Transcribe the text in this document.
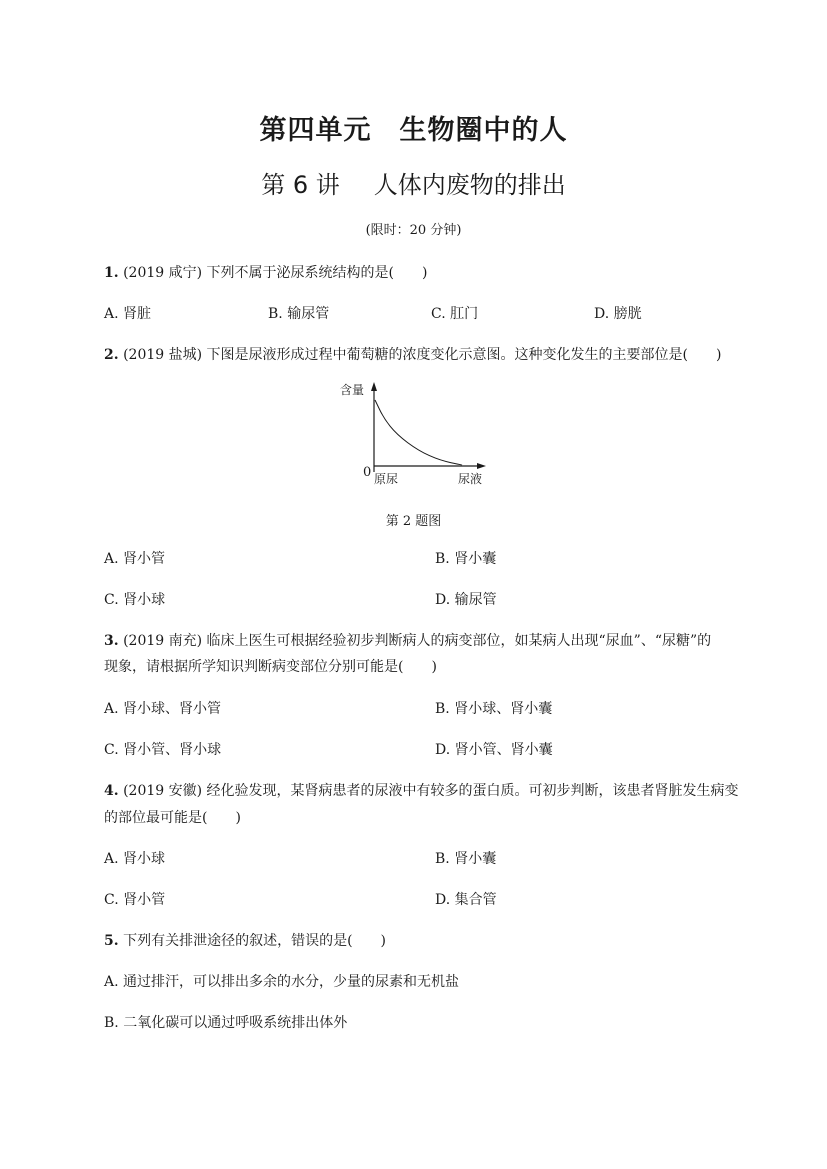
第四单元　生物圈中的人
第 6 讲 人体内废物的排出
(限时：20 分钟)
1. (2019 咸宁) 下列不属于泌尿系统结构的是(　　)
A. 肾脏	B. 输尿管	C. 肛门	D. 膀胱
2. (2019 盐城) 下图是尿液形成过程中葡萄糖的浓度变化示意图。这种变化发生的主要部位是(　　)
含量
0 原尿	尿液
第 2 题图
A. 肾小管	B. 肾小囊
C. 肾小球	D. 输尿管
3. (2019 南充) 临床上医生可根据经验初步判断病人的病变部位，如某病人出现“尿血”、“尿糖”的
现象，请根据所学知识判断病变部位分别可能是(　　)
A. 肾小球、肾小管	B. 肾小球、肾小囊
C. 肾小管、肾小球	D. 肾小管、肾小囊
4. (2019 安徽) 经化验发现，某肾病患者的尿液中有较多的蛋白质。可初步判断，该患者肾脏发生病变
的部位最可能是(　　)
A. 肾小球	B. 肾小囊
C. 肾小管	D. 集合管
5. 下列有关排泄途径的叙述，错误的是(　　)
A. 通过排汗，可以排出多余的水分，少量的尿素和无机盐
B. 二氧化碳可以通过呼吸系统排出体外
